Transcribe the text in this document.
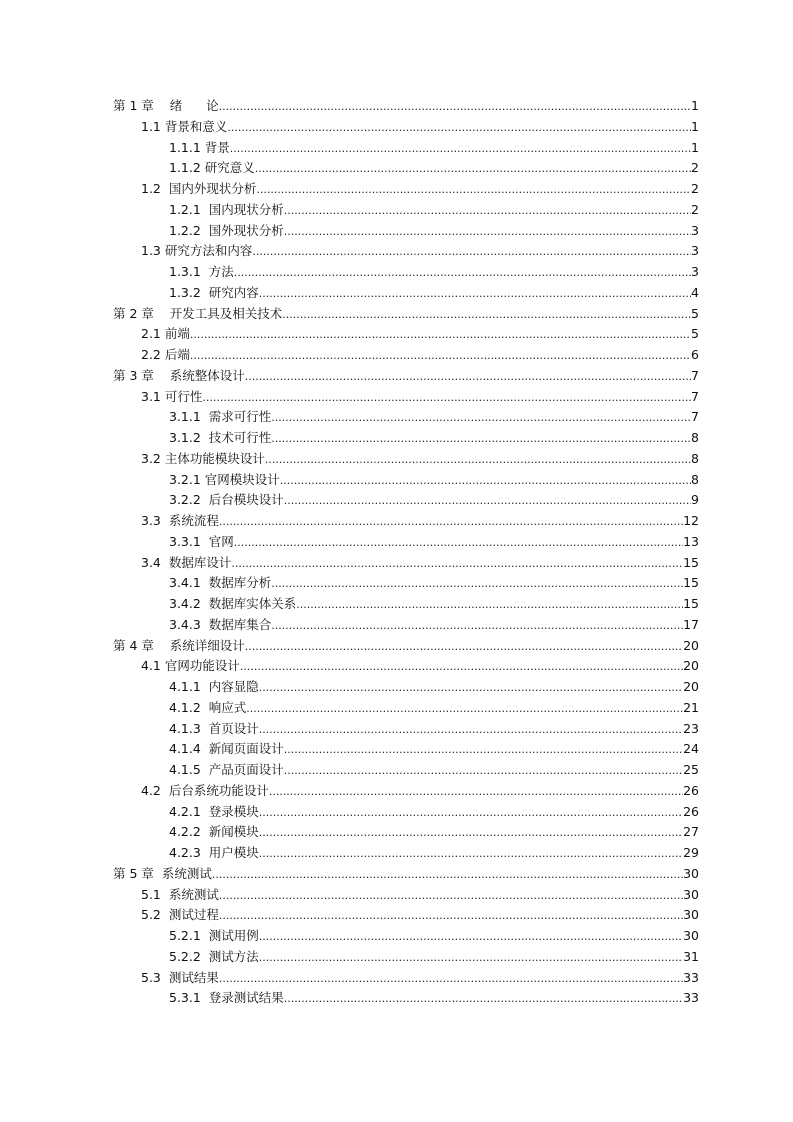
第 1 章    绪      论 .....	1
1.1 背景和意义 .....	1
1.1.1 背景 .....	1
1.1.2 研究意义 .....	2
1.2  国内外现状分析 .....	2
1.2.1  国内现状分析 .....	2
1.2.2  国外现状分析 .....	3
1.3 研究方法和内容 .....	3
1.3.1  方法 .....	3
1.3.2  研究内容 .....	4
第 2 章    开发工具及相关技术 .....	5
2.1 前端 .....	5
2.2 后端 .....	6
第 3 章    系统整体设计 .....	7
3.1 可行性 .....	7
3.1.1  需求可行性 .....	7
3.1.2  技术可行性 .....	8
3.2 主体功能模块设计 .....	8
3.2.1 官网模块设计 .....	8
3.2.2  后台模块设计 .....	9
3.3  系统流程 .....	12
3.3.1  官网 .....	13
3.4  数据库设计 .....	15
3.4.1  数据库分析 .....	15
3.4.2  数据库实体关系 .....	15
3.4.3  数据库集合 .....	17
第 4 章    系统详细设计 .....	20
4.1 官网功能设计 .....	20
4.1.1  内容显隐 .....	20
4.1.2  响应式 .....	21
4.1.3  首页设计 .....	23
4.1.4  新闻页面设计 .....	24
4.1.5  产品页面设计 .....	25
4.2  后台系统功能设计 .....	26
4.2.1  登录模块 .....	26
4.2.2  新闻模块 .....	27
4.2.3  用户模块 .....	29
第 5 章  系统测试 .....	30
5.1  系统测试 .....	30
5.2  测试过程 .....	30
5.2.1  测试用例 .....	30
5.2.2  测试方法 .....	31
5.3  测试结果 .....	33
5.3.1  登录测试结果 .....	33
